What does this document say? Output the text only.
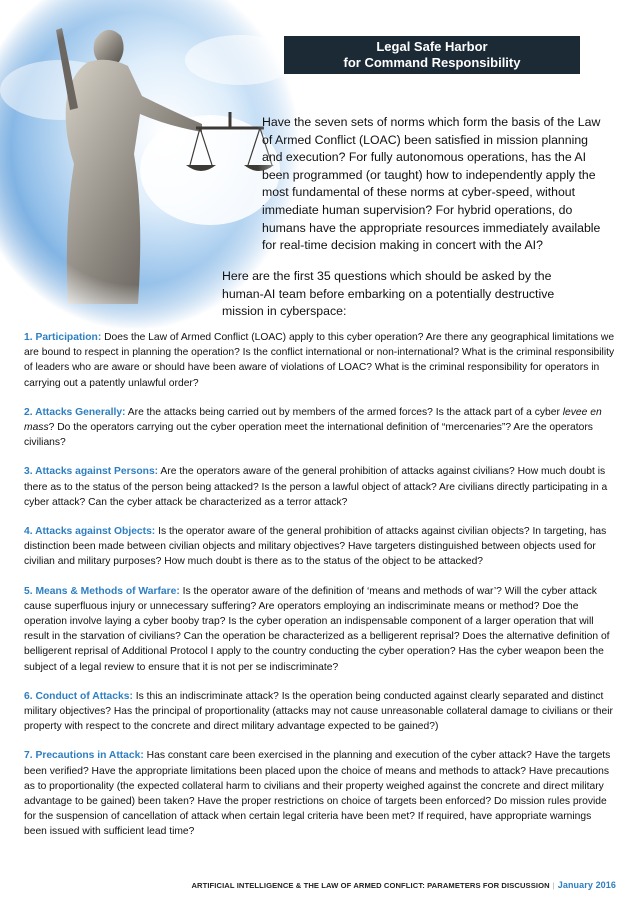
Legal Safe Harbor
for Command Responsibility

Have the seven sets of norms which form the basis of the Law of Armed Conflict (LOAC) been satisfied in mission planning and execution? For fully autonomous operations, has the AI been programmed (or taught) how to independently apply the most fundamental of these norms at cyber-speed, without immediate human supervision? For hybrid operations, do humans have the appropriate resources immediately available for real-time decision making in concert with the AI?

Here are the first 35 questions which should be asked by the human-AI team before embarking on a potentially destructive mission in cyberspace:

1. Participation: Does the Law of Armed Conflict (LOAC) apply to this cyber operation? Are there any geographical limitations we are bound to respect in planning the operation? Is the conflict international or non-international? What is the criminal responsibility of leaders who are aware or should have been aware of violations of LOAC? What is the criminal responsibility for operators in carrying out a patently unlawful order?

2. Attacks Generally: Are the attacks being carried out by members of the armed forces? Is the attack part of a cyber levee en mass? Do the operators carrying out the cyber operation meet the international definition of “mercenaries”? Are the operators civilians?

3. Attacks against Persons: Are the operators aware of the general prohibition of attacks against civilians? How much doubt is there as to the status of the person being attacked? Is the person a lawful object of attack? Are civilians directly participating in a cyber attack? Can the cyber attack be characterized as a terror attack?

4. Attacks against Objects: Is the operator aware of the general prohibition of attacks against civilian objects? In targeting, has distinction been made between civilian objects and military objectives? Have targeters distinguished between objects used for civilian and military purposes? How much doubt is there as to the status of the object to be attacked?

5. Means & Methods of Warfare: Is the operator aware of the definition of ‘means and methods of war’? Will the cyber attack cause superfluous injury or unnecessary suffering? Are operators employing an indiscriminate means or method? Doe the operation involve laying a cyber booby trap? Is the cyber operation an indispensable component of a larger operation that will result in the starvation of civilians? Can the operation be characterized as a belligerent reprisal? Does the alternative definition of belligerent reprisal of Additional Protocol I apply to the country conducting the cyber operation? Has the cyber weapon been the subject of a legal review to ensure that it is not per se indiscriminate?

6. Conduct of Attacks: Is this an indiscriminate attack? Is the operation being conducted against clearly separated and distinct military objectives? Has the principal of proportionality (attacks may not cause unreasonable collateral damage to civilians or their property with respect to the concrete and direct military advantage expected to be gained?)

7. Precautions in Attack: Has constant care been exercised in the planning and execution of the cyber attack? Have the targets been verified? Have the appropriate limitations been placed upon the choice of means and methods to attack? Have precautions as to proportionality (the expected collateral harm to civilians and their property weighed against the concrete and direct military advantage to be gained) been taken? Have the proper restrictions on choice of targets been enforced? Do mission rules provide for the suspension of cancellation of attack when certain legal criteria have been met? If required, have appropriate warnings been issued with sufficient lead time?

ARTIFICIAL INTELLIGENCE & THE LAW OF ARMED CONFLICT: PARAMETERS FOR DISCUSSION | January 2016
